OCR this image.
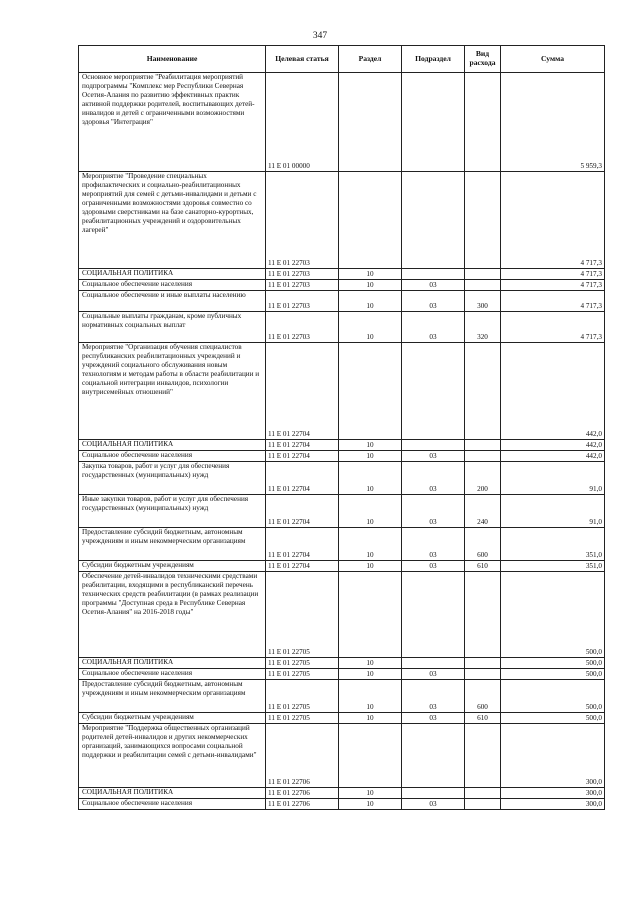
347
Наименование	Целевая статья	Раздел	Подраздел	Вид расхода	Сумма
Основное мероприятие "Реабилитация мероприятий подпрограммы "Комплекс мер Республики Северная Осетия-Алания по развитию эффективных практик активной поддержки родителей, воспитывающих детей-инвалидов и детей с ограниченными возможностями здоровья "Интеграция"	11 Е 01 00000				5 959,3
Мероприятие "Проведение специальных профилактических и социально-реабилитационных мероприятий для семей с детьми-инвалидами и детьми с ограниченными возможностями здоровья совместно со здоровыми сверстниками на базе санаторно-курортных, реабилитационных учреждений и оздоровительных лагерей"	11 Е 01 22703				4 717,3
СОЦИАЛЬНАЯ ПОЛИТИКА	11 Е 01 22703	10			4 717,3
Социальное обеспечение населения	11 Е 01 22703	10	03		4 717,3
Социальное обеспечение и иные выплаты населению	11 Е 01 22703	10	03	300	4 717,3
Социальные выплаты гражданам, кроме публичных нормативных социальных выплат	11 Е 01 22703	10	03	320	4 717,3
Мероприятие "Организация обучения специалистов республиканских реабилитационных учреждений и учреждений социального обслуживания новым технологиям и методам работы в области реабилитации и социальной интеграции инвалидов, психологии внутрисемейных отношений"	11 Е 01 22704				442,0
СОЦИАЛЬНАЯ ПОЛИТИКА	11 Е 01 22704	10			442,0
Социальное обеспечение населения	11 Е 01 22704	10	03		442,0
Закупка товаров, работ и услуг для обеспечения государственных (муниципальных) нужд	11 Е 01 22704	10	03	200	91,0
Иные закупки товаров, работ и услуг для обеспечения государственных (муниципальных) нужд	11 Е 01 22704	10	03	240	91,0
Предоставление субсидий бюджетным, автономным учреждениям и иным некоммерческим организациям	11 Е 01 22704	10	03	600	351,0
Субсидии бюджетным учреждениям	11 Е 01 22704	10	03	610	351,0
Обеспечение детей-инвалидов техническими средствами реабилитации, входящими в республиканский перечень технических средств реабилитации (в рамках реализации программы "Доступная среда в Республике Северная Осетия-Алания" на 2016-2018 годы"	11 Е 01 22705				500,0
СОЦИАЛЬНАЯ ПОЛИТИКА	11 Е 01 22705	10			500,0
Социальное обеспечение населения	11 Е 01 22705	10	03		500,0
Предоставление субсидий бюджетным, автономным учреждениям и иным некоммерческим организациям	11 Е 01 22705	10	03	600	500,0
Субсидии бюджетным учреждениям	11 Е 01 22705	10	03	610	500,0
Мероприятие "Поддержка общественных организаций родителей детей-инвалидов и других некоммерческих организаций, занимающихся вопросами социальной поддержки и реабилитации семей с детьми-инвалидами"	11 Е 01 22706				300,0
СОЦИАЛЬНАЯ ПОЛИТИКА	11 Е 01 22706	10			300,0
Социальное обеспечение населения	11 Е 01 22706	10	03		300,0
